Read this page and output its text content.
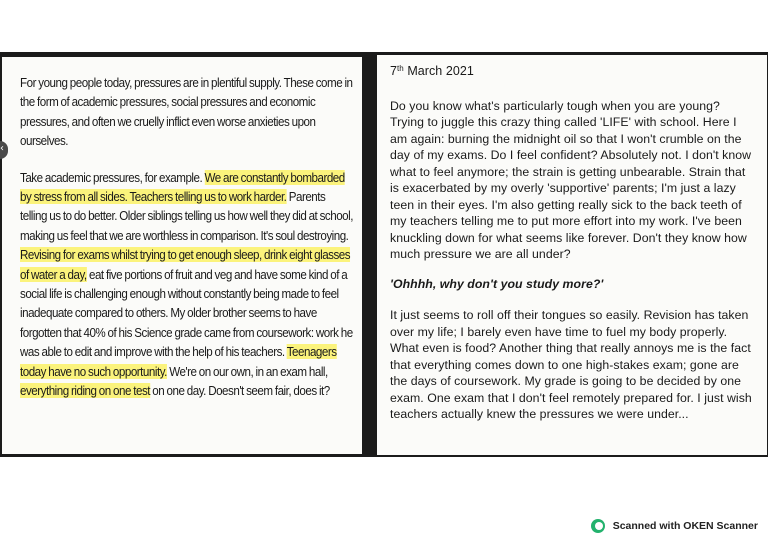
For young people today, pressures are in plentiful supply. These come in the form of academic pressures, social pressures and economic pressures, and often we cruelly inflict even worse anxieties upon ourselves.

Take academic pressures, for example. We are constantly bombarded by stress from all sides. Teachers telling us to work harder. Parents telling us to do better. Older siblings telling us how well they did at school, making us feel that we are worthless in comparison. It's soul destroying. Revising for exams whilst trying to get enough sleep, drink eight glasses of water a day, eat five portions of fruit and veg and have some kind of a social life is challenging enough without constantly being made to feel inadequate compared to others. My older brother seems to have forgotten that 40% of his Science grade came from coursework: work he was able to edit and improve with the help of his teachers. Teenagers today have no such opportunity. We're on our own, in an exam hall, everything riding on one test on one day. Doesn't seem fair, does it?

‹

7th March 2021

Do you know what's particularly tough when you are young? Trying to juggle this crazy thing called 'LIFE' with school. Here I am again: burning the midnight oil so that I won't crumble on the day of my exams. Do I feel confident? Absolutely not. I don't know what to feel anymore; the strain is getting unbearable. Strain that is exacerbated by my overly 'supportive' parents; I'm just a lazy teen in their eyes. I'm also getting really sick to the back teeth of my teachers telling me to put more effort into my work. I've been knuckling down for what seems like forever. Don't they know how much pressure we are all under?

'Ohhhh, why don't you study more?'

It just seems to roll off their tongues so easily. Revision has taken over my life; I barely even have time to fuel my body properly. What even is food? Another thing that really annoys me is the fact that everything comes down to one high-stakes exam; gone are the days of coursework. My grade is going to be decided by one exam. One exam that I don't feel remotely prepared for. I just wish teachers actually knew the pressures we were under...

Scanned with OKEN Scanner
